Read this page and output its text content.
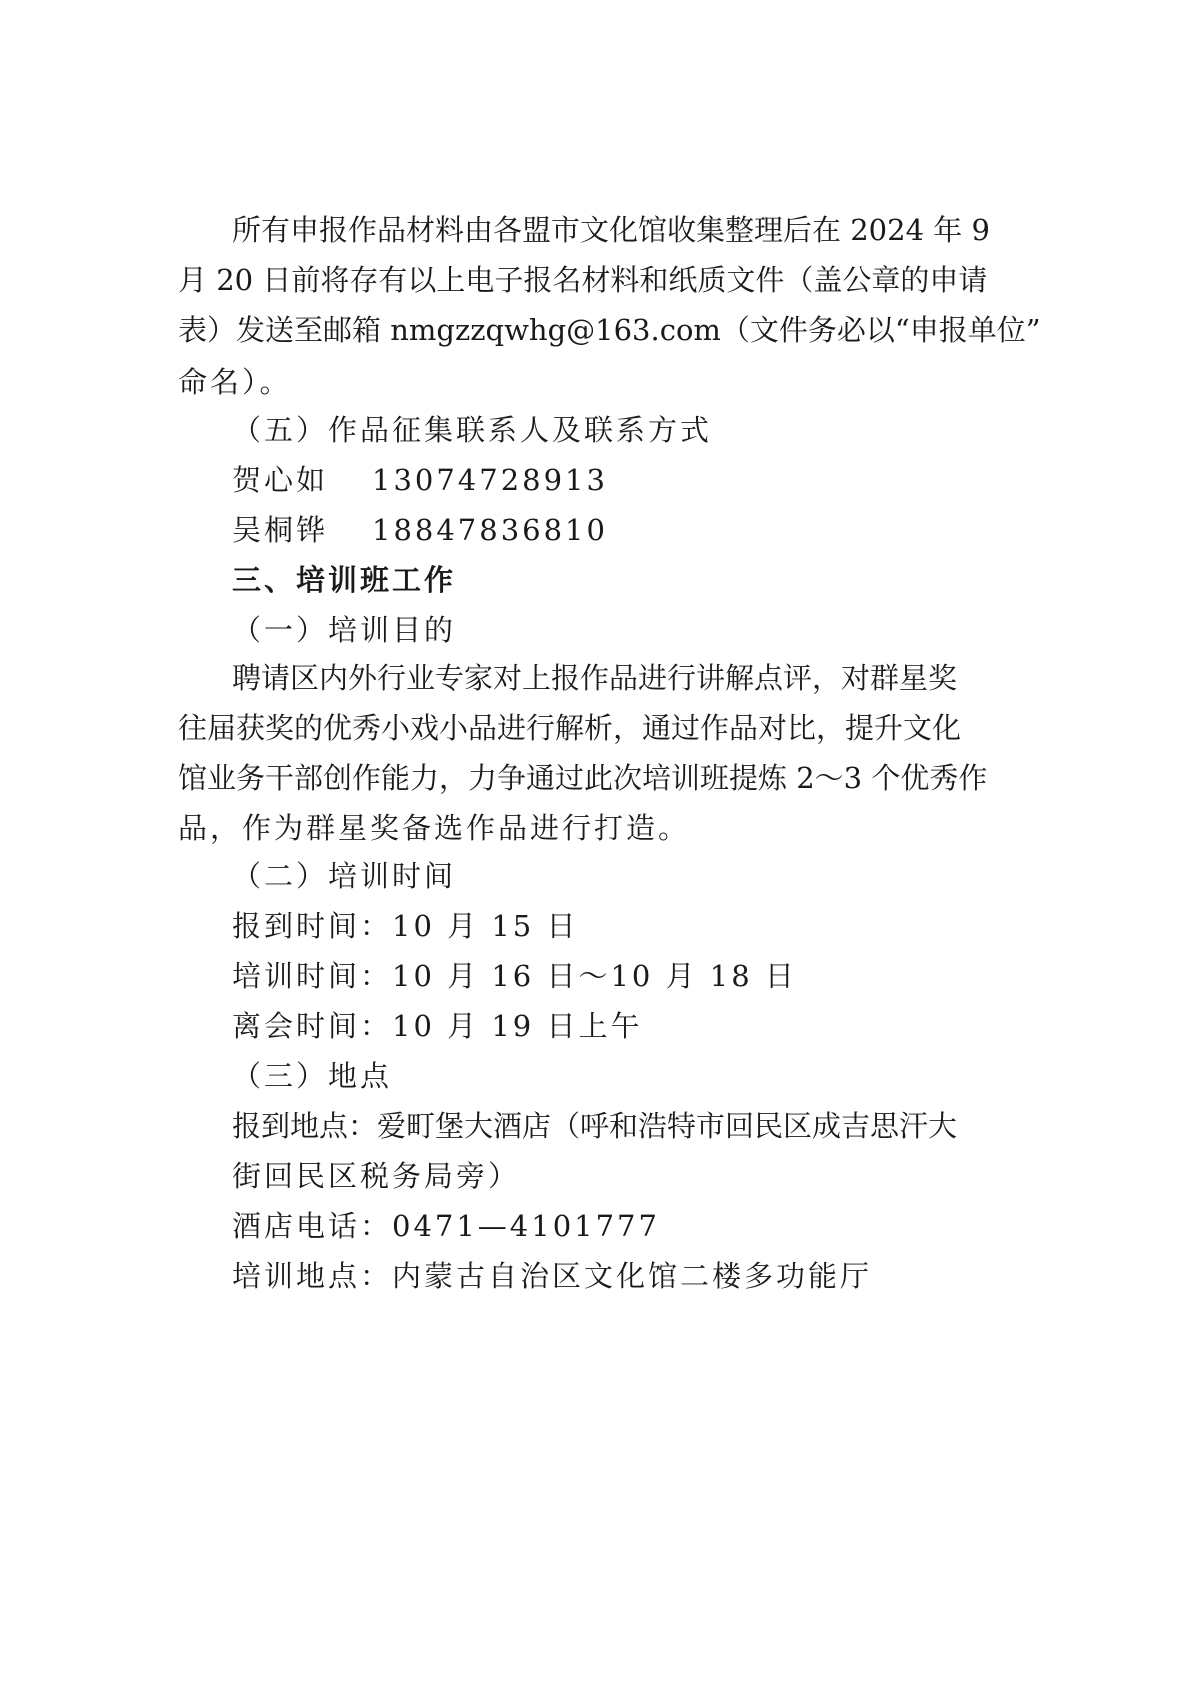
所有申报作品材料由各盟市文化馆收集整理后在 2024 年 9
月 20 日前将存有以上电子报名材料和纸质文件（盖公章的申请
表）发送至邮箱 nmgzzqwhg@163.com（文件务必以“申报单位”
命名）。
（五）作品征集联系人及联系方式
贺心如 13074728913
吴桐铧 18847836810
三、培训班工作
（一）培训目的
聘请区内外行业专家对上报作品进行讲解点评，对群星奖
往届获奖的优秀小戏小品进行解析，通过作品对比，提升文化
馆业务干部创作能力，力争通过此次培训班提炼 2～3 个优秀作
品，作为群星奖备选作品进行打造。
（二）培训时间
报到时间：10 月 15 日
培训时间：10 月 16 日～10 月 18 日
离会时间：10 月 19 日上午
（三）地点
报到地点：爱町堡大酒店（呼和浩特市回民区成吉思汗大
街回民区税务局旁）
酒店电话：0471—4101777
培训地点：内蒙古自治区文化馆二楼多功能厅
